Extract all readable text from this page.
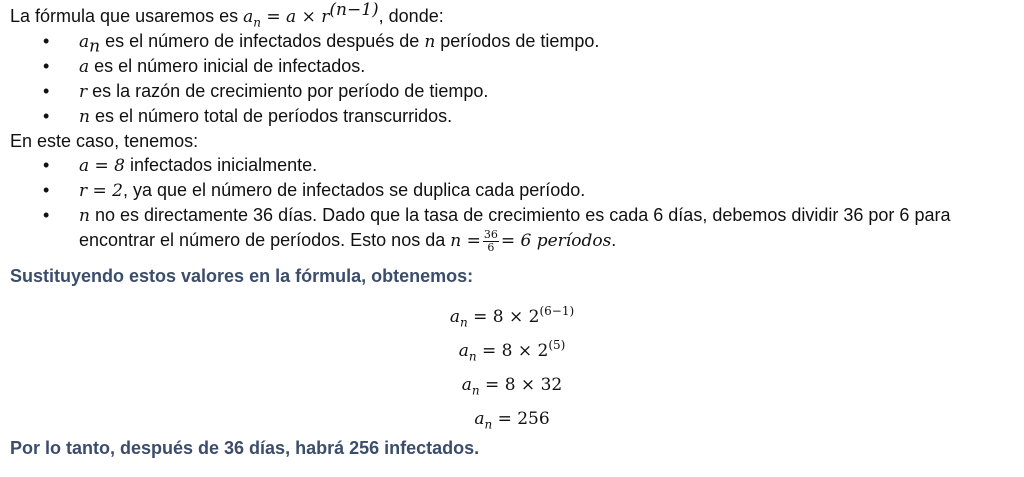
La fórmula que usaremos es $a_n = a \times r^{(n-1)}$, donde:

• $a_n$ es el número de infectados después de n períodos de tiempo.
• a es el número inicial de infectados.
• r es la razón de crecimiento por período de tiempo.
• n es el número total de períodos transcurridos.

En este caso, tenemos:

• a = 8 infectados inicialmente.
• r = 2, ya que el número de infectados se duplica cada período.
• n no es directamente 36 días. Dado que la tasa de crecimiento es cada 6 días, debemos dividir 36 por 6 para encontrar el número de períodos. Esto nos da $n = \frac{36}{6} = 6$ períodos.

Sustituyendo estos valores en la fórmula, obtenemos:

$a_n = 8 \times 2^{(6-1)}$

$a_n = 8 \times 2^{(5)}$

$a_n = 8 \times 32$

$a_n = 256$

Por lo tanto, después de 36 días, habrá 256 infectados.
